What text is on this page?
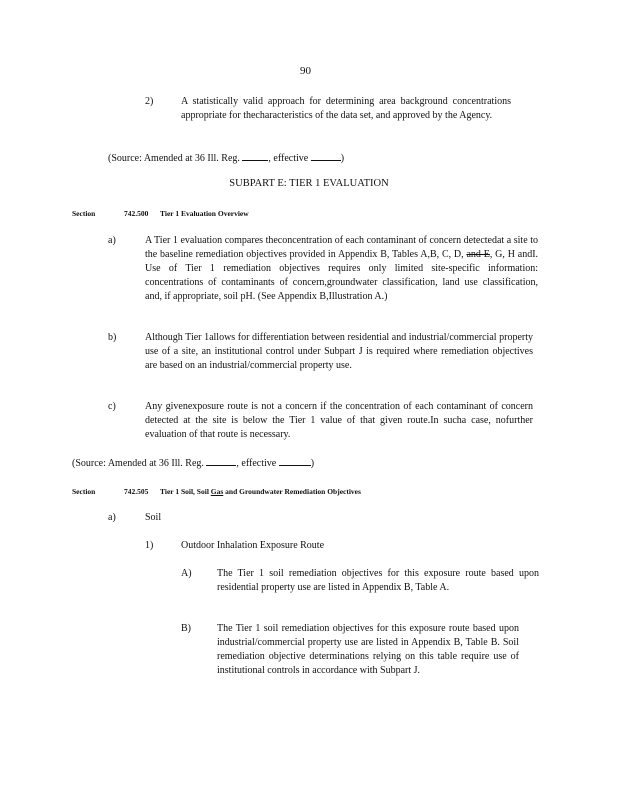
90
2)	A statistically valid approach for determining area background concentrations appropriate for thecharacteristics of the data set, and approved by the Agency.
(Source: Amended at 36 Ill. Reg.	, effective	)
SUBPART E: TIER 1 EVALUATION
Section	742.500 Tier 1 Evaluation Overview
a)	A Tier 1 evaluation compares theconcentration of each contaminant of concern detectedat a site to the baseline remediation objectives provided in Appendix B, Tables A,B, C, D, and E, G, H andI. Use of Tier 1 remediation objectives requires only limited site-specific information: concentrations of contaminants of concern,groundwater classification, land use classification, and, if appropriate, soil pH. (See Appendix B,Illustration A.)
b)	Although Tier 1allows for differentiation between residential and industrial/commercial property use of a site, an institutional control under Subpart J is required where remediation objectives are based on an industrial/commercial property use.
c)	Any givenexposure route is not a concern if the concentration of each contaminant of concern detected at the site is below the Tier 1 value of that given route.In sucha case, nofurther evaluation of that route is necessary.
(Source: Amended at 36 Ill. Reg.	, effective	)
Section	742.505 Tier 1 Soil, Soil Gas and Groundwater Remediation Objectives
a)	Soil
1)	Outdoor Inhalation Exposure Route
A)	The Tier 1 soil remediation objectives for this exposure route based upon residential property use are listed in Appendix B, Table A.
B)	The Tier 1 soil remediation objectives for this exposure route based upon industrial/commercial property use are listed in Appendix B, Table B. Soil remediation objective determinations relying on this table require use of institutional controls in accordance with Subpart J.
